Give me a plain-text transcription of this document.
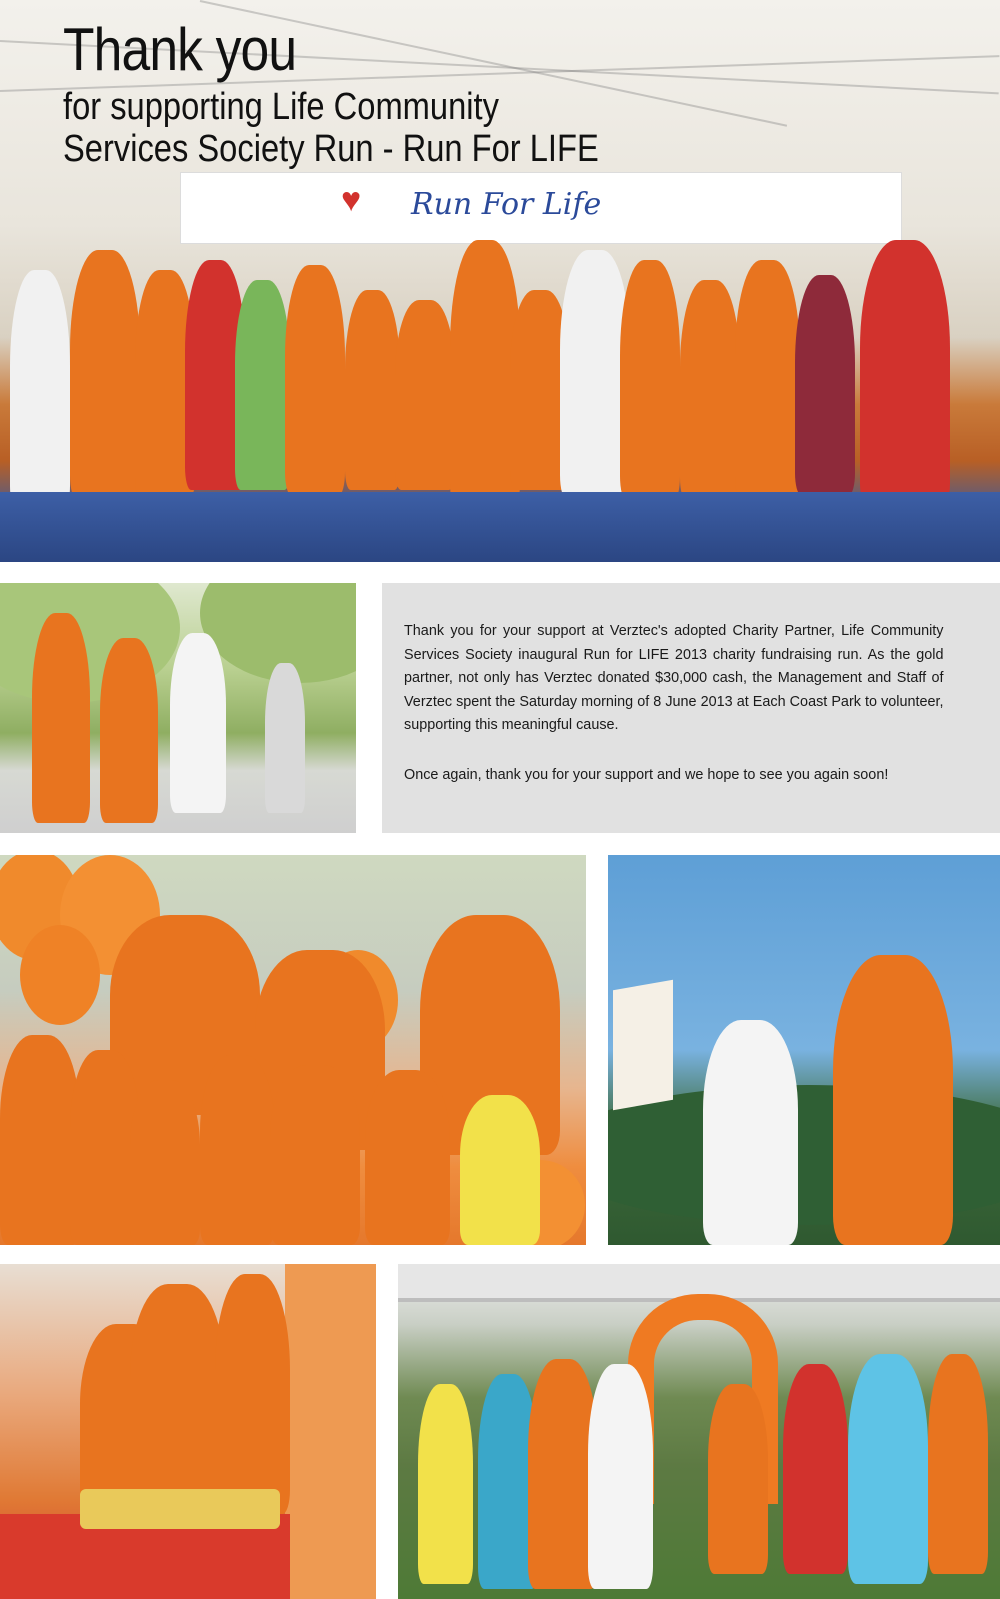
Run For Life
♥
Thank you
for supporting Life Community
Services Society Run - Run For LIFE

Thank you for your support at Verztec's adopted Charity Partner, Life Community Services Society inaugural Run for LIFE 2013 charity fundraising run. As the gold partner, not only has Verztec donated $30,000 cash, the Management and Staff of Verztec spent the Saturday morning of 8 June 2013 at Each Coast Park to volunteer, supporting this meaningful cause.

Once again, thank you for your support and we hope to see you again soon!
